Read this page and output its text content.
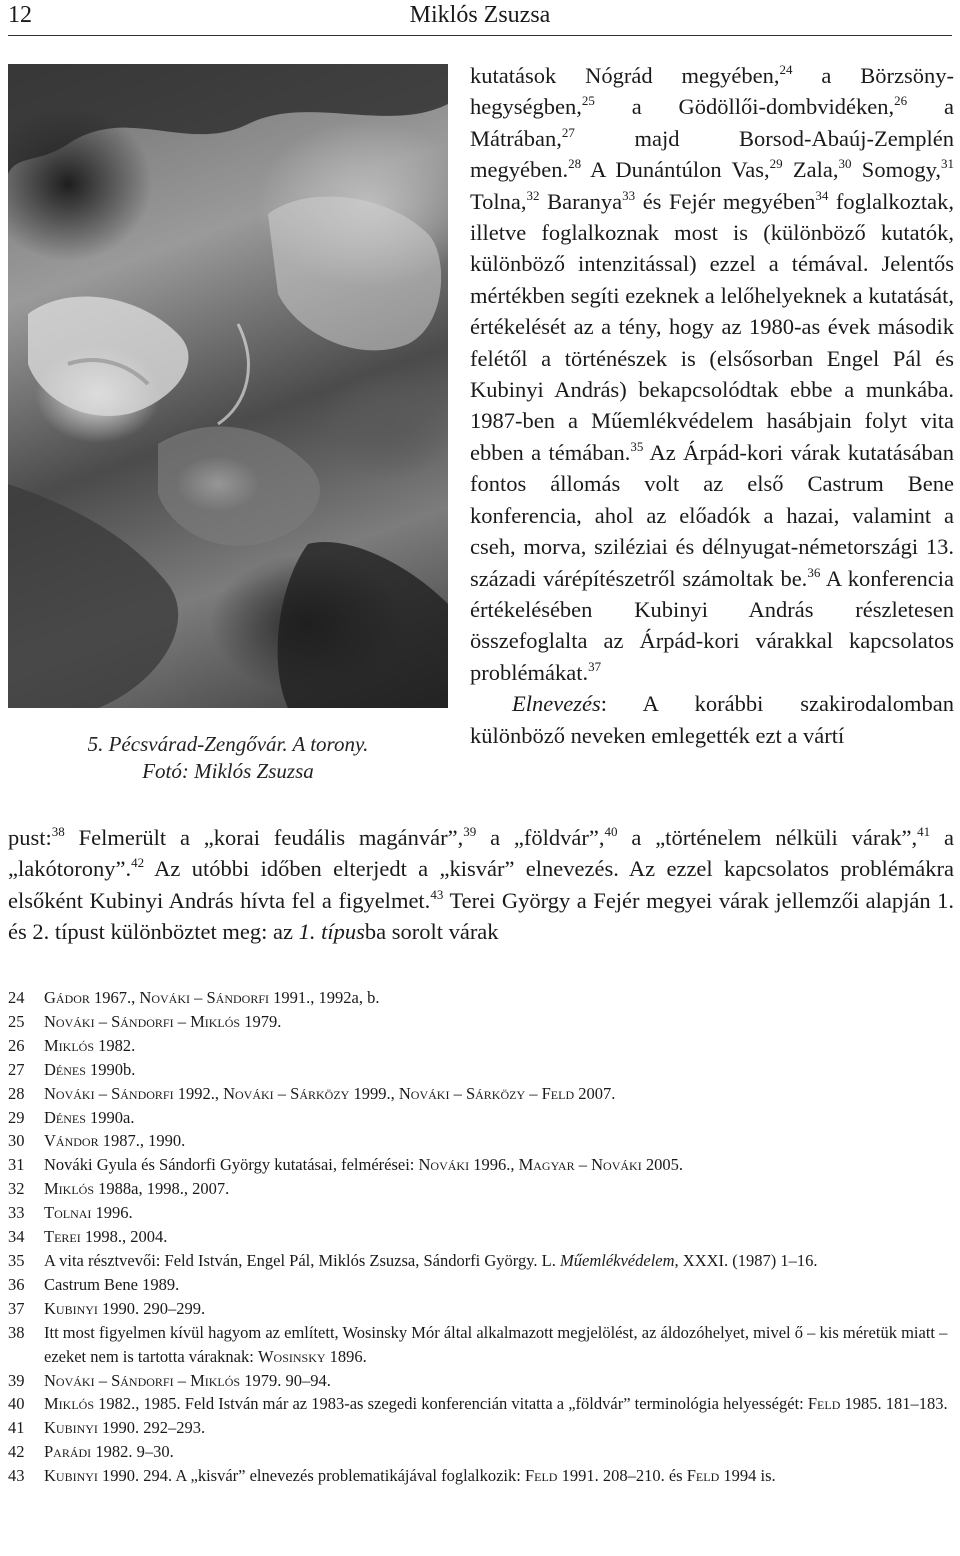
12	Miklós Zsuzsa
5. Pécsvárad-Zengővár. A torony.
Fotó: Miklós Zsuzsa

kutatások Nógrád megyében,$^{24}$ a Börzsönyhegységben,$^{25}$ a Gödöllői-dombvidéken,$^{26}$ a Mátrában,$^{27}$ majd Borsod-Abaúj-Zemplén megyében.$^{28}$ A Dunántúlon Vas,$^{29}$ Zala,$^{30}$ Somogy,$^{31}$ Tolna,$^{32}$ Baranya$^{33}$ és Fejér megyében$^{34}$ foglalkoztak, illetve foglalkoznak most is (különböző kutatók, különböző intenzitással) ezzel a témával. Jelentős mértékben segíti ezeknek a lelőhelyeknek a kutatását, értékelését az a tény, hogy az 1980-as évek második felétől a történészek is (elsősorban Engel Pál és Kubinyi András) bekapcsolódtak ebbe a munkába. 1987-ben a Műemlékvédelem hasábjain folyt vita ebben a témában.$^{35}$ Az Árpád-kori várak kutatásában fontos állomás volt az első Castrum Bene konferencia, ahol az előadók a hazai, valamint a cseh, morva, sziléziai és délnyugat-németországi 13. századi várépítészetről számoltak be.$^{36}$ A konferencia értékelésében Kubinyi András részletesen összefoglalta az Árpád-kori várakkal kapcsolatos problémákat.$^{37}$

Elnevezés: A korábbi szakirodalomban különböző neveken emlegették ezt a vártí

pust:$^{38}$ Felmerült a „korai feudális magánvár”,$^{39}$ a „földvár”,$^{40}$ a „történelem nélküli várak”,$^{41}$ a „lakótorony”.$^{42}$ Az utóbbi időben elterjedt a „kisvár” elnevezés. Az ezzel kapcsolatos problémákra elsőként Kubinyi András hívta fel a figyelmet.$^{43}$ Terei György a Fejér megyei várak jellemzői alapján 1. és 2. típust különböztet meg: az 1. típusba sorolt várak

24	Gádor 1967., Nováki – Sándorfi 1991., 1992a, b.
25	Nováki – Sándorfi – Miklós 1979.
26	Miklós 1982.
27	Dénes 1990b.
28	Nováki – Sándorfi 1992., Nováki – Sárközy 1999., Nováki – Sárközy – Feld 2007.
29	Dénes 1990a.
30	Vándor 1987., 1990.
31	Nováki Gyula és Sándorfi György kutatásai, felmérései: Nováki 1996., Magyar – Nováki 2005.
32	Miklós 1988a, 1998., 2007.
33	Tolnai 1996.
34	Terei 1998., 2004.
35	A vita résztvevői: Feld István, Engel Pál, Miklós Zsuzsa, Sándorfi György. L. Műemlékvédelem, XXXI. (1987) 1–16.
36	Castrum Bene 1989.
37	Kubinyi 1990. 290–299.
38	Itt most figyelmen kívül hagyom az említett, Wosinsky Mór által alkalmazott megjelölést, az áldozóhelyet, mivel ő – kis méretük miatt – ezeket nem is tartotta váraknak: Wosinsky 1896.
39	Nováki – Sándorfi – Miklós 1979. 90–94.
40	Miklós 1982., 1985. Feld István már az 1983-as szegedi konferencián vitatta a „földvár” terminológia helyességét: Feld 1985. 181–183.
41	Kubinyi 1990. 292–293.
42	Parádi 1982. 9–30.
43	Kubinyi 1990. 294. A „kisvár” elnevezés problematikájával foglalkozik: Feld 1991. 208–210. és Feld 1994 is.
